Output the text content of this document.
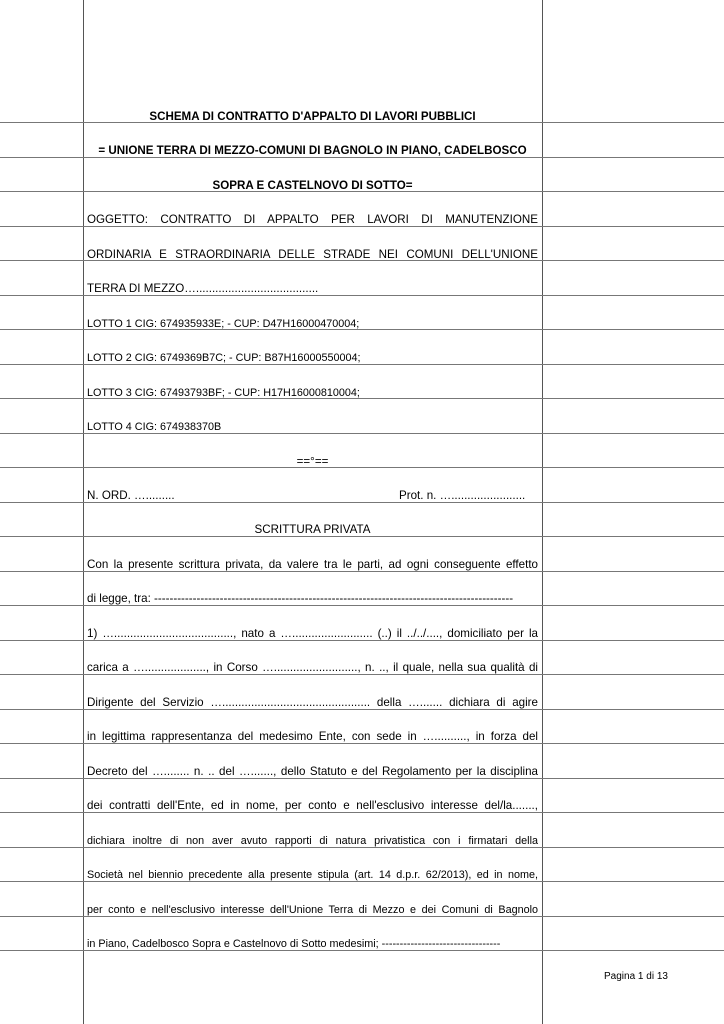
SCHEMA DI CONTRATTO D'APPALTO DI LAVORI PUBBLICI
= UNIONE TERRA DI MEZZO-COMUNI DI BAGNOLO IN PIANO, CADELBOSCO
SOPRA E CASTELNOVO DI SOTTO=
OGGETTO: CONTRATTO DI APPALTO PER LAVORI DI MANUTENZIONE
ORDINARIA E STRAORDINARIA DELLE STRADE NEI COMUNI DELL'UNIONE
TERRA DI MEZZO…......................................
LOTTO 1 CIG: 674935933E; - CUP: D47H16000470004;
LOTTO 2 CIG: 6749369B7C; - CUP: B87H16000550004;
LOTTO 3 CIG: 67493793BF; - CUP: H17H16000810004;
LOTTO 4 CIG: 674938370B
==°==
N. ORD. ….........	Prot. n. ….......................
SCRITTURA PRIVATA
Con la presente scrittura privata, da valere tra le parti, ad ogni conseguente effetto
di legge, tra: ---------------------------------------------------------------------------------------------
1) …....................................., nato a …......................... (..) il ../../...., domiciliato per la
carica a …..................., in Corso ….........................., n. .., il quale, nella sua qualità di
Dirigente del Servizio ….............................................. della …....... dichiara di agire
in legittima rappresentanza del medesimo Ente, con sede in ….........., in forza del
Decreto del …........ n. .. del …......., dello Statuto e del Regolamento per la disciplina
dei contratti dell'Ente, ed in nome, per conto e nell'esclusivo interesse del/la.......,
dichiara inoltre di non aver avuto rapporti di natura privatistica con i firmatari della
Società nel biennio precedente alla presente stipula (art. 14 d.p.r. 62/2013), ed in nome,
per conto e nell'esclusivo interesse dell'Unione Terra di Mezzo e dei Comuni di Bagnolo
in Piano, Cadelbosco Sopra e Castelnovo di Sotto medesimi; ---------------------------------
Pagina 1 di 13
